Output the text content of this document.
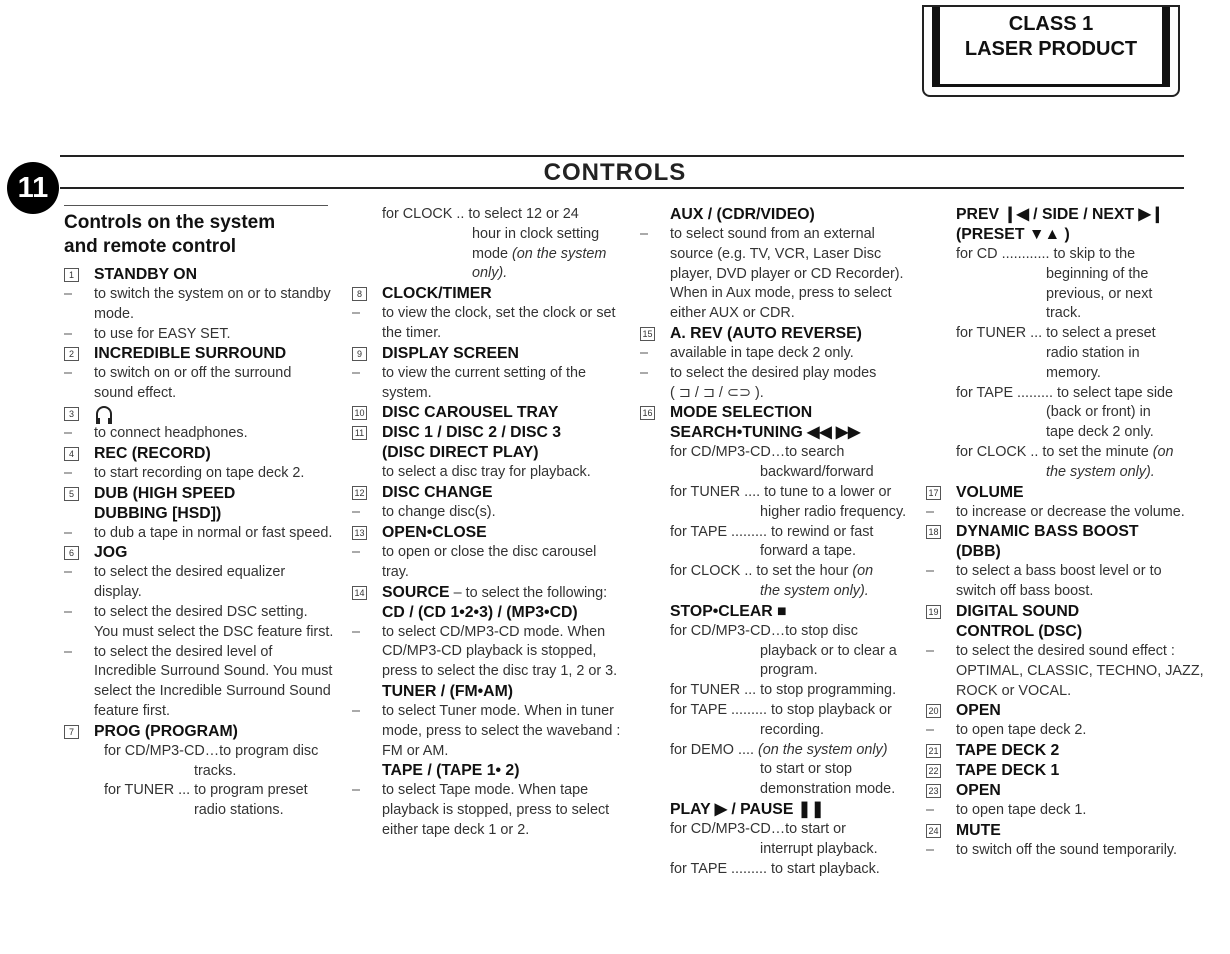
CLASS 1
LASER PRODUCT
11	CONTROLS
Controls on the system
and remote control
1	STANDBY ON
– to switch the system on or to standby mode.
– to use for EASY SET.
2	INCREDIBLE SURROUND
– to switch on or off the surround sound effect.
3
– to connect headphones.
4	REC (RECORD)
– to start recording on tape deck 2.
5	DUB (HIGH SPEED
DUBBING [HSD])
– to dub a tape in normal or fast speed.
6	JOG
– to select the desired equalizer display.
– to select the desired DSC setting. You must select the DSC feature first.
– to select the desired level of Incredible Surround Sound. You must select the Incredible Surround Sound feature first.
7	PROG (PROGRAM)
for CD/MP3-CD…to program disc
tracks.
for TUNER ... to program preset
radio stations.
for CLOCK .. to select 12 or 24
hour in clock setting
mode (on the system only).
8	CLOCK/TIMER
– to view the clock, set the clock or set the timer.
9	DISPLAY SCREEN
– to view the current setting of the system.
10 DISC CAROUSEL TRAY
11 DISC 1 / DISC 2 / DISC 3
(DISC DIRECT PLAY)
to select a disc tray for playback.
12 DISC CHANGE
– to change disc(s).
13 OPEN•CLOSE
– to open or close the disc carousel tray.
14 SOURCE – to select the following:
CD / (CD 1•2•3) / (MP3•CD)
– to select CD/MP3-CD mode. When CD/MP3-CD playback is stopped, press to select the disc tray 1, 2 or 3.
TUNER / (FM•AM)
– to select Tuner mode. When in tuner mode, press to select the waveband : FM or AM.
TAPE / (TAPE 1• 2)
– to select Tape mode. When tape playback is stopped, press to select either tape deck 1 or 2.
AUX / (CDR/VIDEO)
– to select sound from an external source (e.g. TV, VCR, Laser Disc player, DVD player or CD Recorder). When in Aux mode, press to select either AUX or CDR.
15 A. REV (AUTO REVERSE)
– available in tape deck 2 only.
– to select the desired play modes
( ⊐ / ⊐ / ⊂⊃ ).
16 MODE SELECTION
SEARCH•TUNING ◀◀ ▶▶
for CD/MP3-CD…to search
backward/forward
for TUNER .... to tune to a lower or
higher radio frequency.
for TAPE ......... to rewind or fast
forward a tape.
for CLOCK .. to set the hour (on
the system only).
STOP•CLEAR ■
for CD/MP3-CD…to stop disc
playback or to clear a
program.
for TUNER ... to stop programming.
for TAPE ......... to stop playback or
recording.
for DEMO .... (on the system only)
to start or stop
demonstration mode.
PLAY ▶ / PAUSE ❚❚
for CD/MP3-CD…to start or
interrupt playback.
for TAPE ......... to start playback.
PREV ❙◀ / SIDE / NEXT ▶❙
(PRESET ▼▲ )
for CD ............ to skip to the
beginning of the
previous, or next
track.
for TUNER ... to select a preset
radio station in
memory.
for TAPE ......... to select tape side
(back or front) in
tape deck 2 only.
for CLOCK .. to set the minute (on
the system only).
17 VOLUME
– to increase or decrease the volume.
18 DYNAMIC BASS BOOST
(DBB)
– to select a bass boost level or to switch off bass boost.
19 DIGITAL SOUND
CONTROL (DSC)
– to select the desired sound effect : OPTIMAL, CLASSIC, TECHNO, JAZZ, ROCK or VOCAL.
20 OPEN
– to open tape deck 2.
21 TAPE DECK 2
22 TAPE DECK 1
23 OPEN
– to open tape deck 1.
24 MUTE
– to switch off the sound temporarily.
